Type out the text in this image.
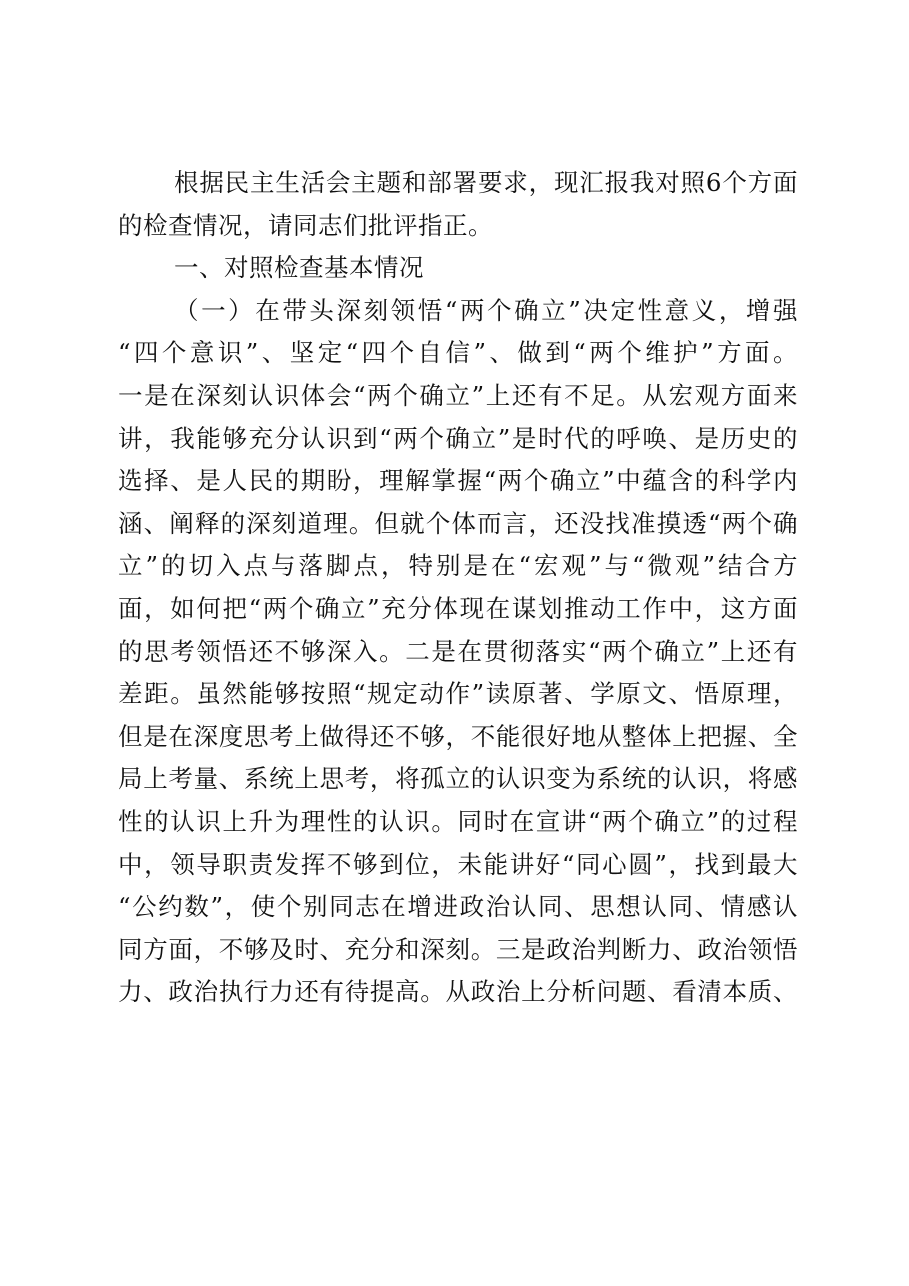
根据民主生活会主题和部署要求，现汇报我对照6个方面
的检查情况，请同志们批评指正。
一、对照检查基本情况
（一）在带头深刻领悟“两个确立”决定性意义，增强
“四个意识”、坚定“四个自信”、做到“两个维护”方面。
一是在深刻认识体会“两个确立”上还有不足。从宏观方面来
讲，我能够充分认识到“两个确立”是时代的呼唤、是历史的
选择、是人民的期盼，理解掌握“两个确立”中蕴含的科学内
涵、阐释的深刻道理。但就个体而言，还没找准摸透“两个确
立”的切入点与落脚点，特别是在“宏观”与“微观”结合方
面，如何把“两个确立”充分体现在谋划推动工作中，这方面
的思考领悟还不够深入。二是在贯彻落实“两个确立”上还有
差距。虽然能够按照“规定动作”读原著、学原文、悟原理，
但是在深度思考上做得还不够，不能很好地从整体上把握、全
局上考量、系统上思考，将孤立的认识变为系统的认识，将感
性的认识上升为理性的认识。同时在宣讲“两个确立”的过程
中，领导职责发挥不够到位，未能讲好“同心圆”，找到最大
“公约数”，使个别同志在增进政治认同、思想认同、情感认
同方面，不够及时、充分和深刻。三是政治判断力、政治领悟
力、政治执行力还有待提高。从政治上分析问题、看清本质、
